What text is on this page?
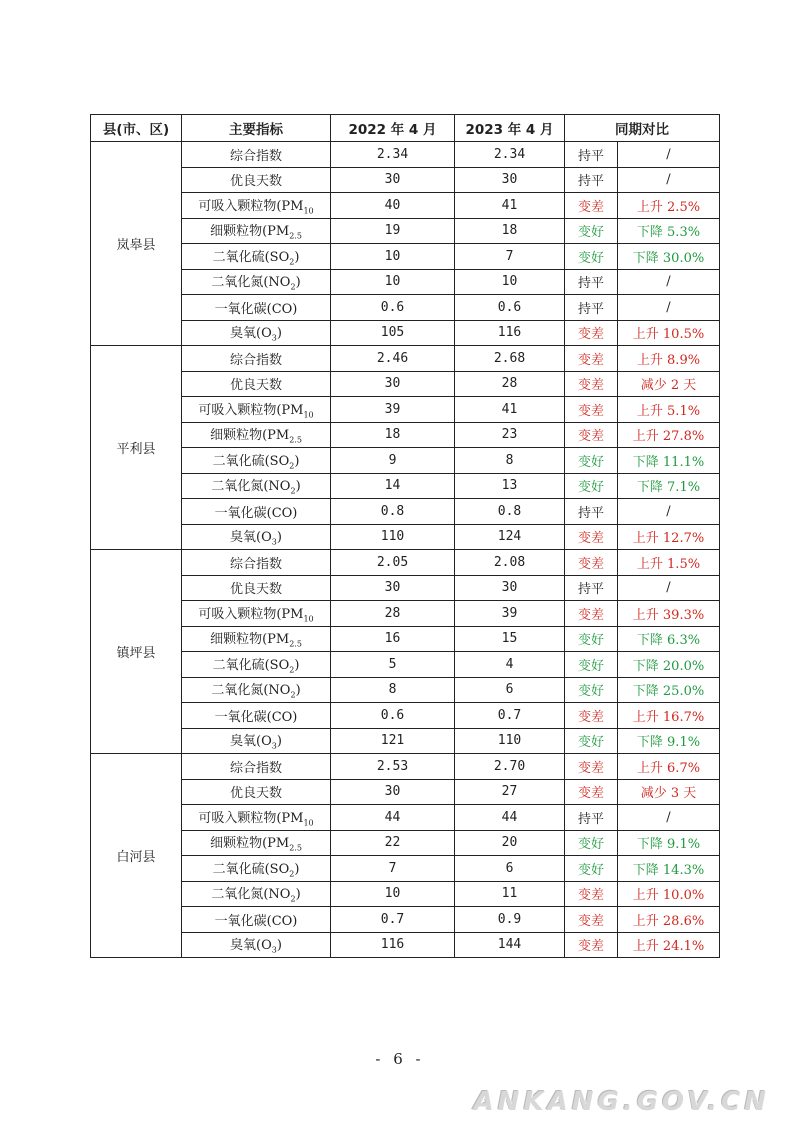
县(市、区)	主要指标	2022 年 4 月	2023 年 4 月	同期对比	
岚皋县	综合指数	2.34	2.34	持平	/
	优良天数	30	30	持平	/
	可吸入颗粒物($PM_{10}$	40	41	变差	上升 2.5%
	细颗粒物($PM_{2.5}$	19	18	变好	下降 5.3%
	二氧化硫$(SO_2)$	10	7	变好	下降 30.0%
	二氧化氮$(NO_2)$	10	10	持平	/
	一氧化碳(CO)	0.6	0.6	持平	/
	臭氧$(O_3)$	105	116	变差	上升 10.5%
平利县	综合指数	2.46	2.68	变差	上升 8.9%
	优良天数	30	28	变差	减少 2 天
	可吸入颗粒物($PM_{10}$	39	41	变差	上升 5.1%
	细颗粒物($PM_{2.5}$	18	23	变差	上升 27.8%
	二氧化硫$(SO_2)$	9	8	变好	下降 11.1%
	二氧化氮$(NO_2)$	14	13	变好	下降 7.1%
	一氧化碳(CO)	0.8	0.8	持平	/
	臭氧$(O_3)$	110	124	变差	上升 12.7%
镇坪县	综合指数	2.05	2.08	变差	上升 1.5%
	优良天数	30	30	持平	/
	可吸入颗粒物($PM_{10}$	28	39	变差	上升 39.3%
	细颗粒物($PM_{2.5}$	16	15	变好	下降 6.3%
	二氧化硫$(SO_2)$	5	4	变好	下降 20.0%
	二氧化氮$(NO_2)$	8	6	变好	下降 25.0%
	一氧化碳(CO)	0.6	0.7	变差	上升 16.7%
	臭氧$(O_3)$	121	110	变好	下降 9.1%
白河县	综合指数	2.53	2.70	变差	上升 6.7%
	优良天数	30	27	变差	减少 3 天
	可吸入颗粒物($PM_{10}$	44	44	持平	/
	细颗粒物($PM_{2.5}$	22	20	变好	下降 9.1%
	二氧化硫$(SO_2)$	7	6	变好	下降 14.3%
	二氧化氮$(NO_2)$	10	11	变差	上升 10.0%
	一氧化碳(CO)	0.7	0.9	变差	上升 28.6%
	臭氧$(O_3)$	116	144	变差	上升 24.1%
- 6 -
ANKANG.GOV.CN
